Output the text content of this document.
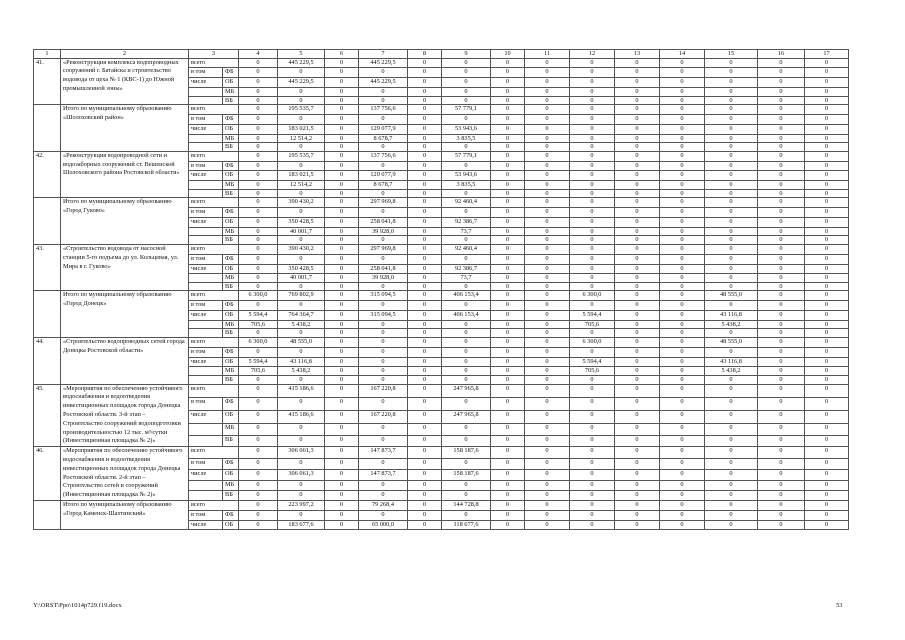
1	2	3		4	5	6	7	8	9	10	11	12	13	14	15	16	17
41.	«Реконструкция комплекса водопроводных сооружений г. Батайска и строительство водовода от цеха № 1 (КВС-1) до Южной промышленной зоны»	всего		0	445 229,5	0	445 229,5	0	0	0	0	0	0	0	0	0	0
		в том	ФБ	0	0	0	0	0	0	0	0	0	0	0	0	0	0
		числе	ОБ	0	445 229,5	0	445 229,5	0	0	0	0	0	0	0	0	0	0
			МБ	0	0	0	0	0	0	0	0	0	0	0	0	0	0
			ВБ	0	0	0	0	0	0	0	0	0	0	0	0	0	0
	Итого по муниципальному образованию «Шолоховский район»	всего		0	195 535,7	0	137 756,6	0	57 779,1	0	0	0	0	0	0	0	0
		в том	ФБ	0	0	0	0	0	0	0	0	0	0	0	0	0	0
		числе	ОБ	0	183 021,5	0	129 077,9	0	53 943,6	0	0	0	0	0	0	0	0
			МБ	0	12 514,2	0	8 678,7	0	3 835,5	0	0	0	0	0	0	0	0
			ВБ	0	0	0	0	0	0	0	0	0	0	0	0	0	0
42.	«Реконструкция водопроводной сети и водозаборных сооружений ст. Вешенской Шолоховского района Ростовской области»	всего		0	195 535,7	0	137 756,6	0	57 779,1	0	0	0	0	0	0	0	0
		в том	ФБ	0	0	0	0	0	0	0	0	0	0	0	0	0	0
		числе	ОБ	0	183 021,5	0	129 077,9	0	53 943,6	0	0	0	0	0	0	0	0
			МБ	0	12 514,2	0	8 678,7	0	3 835,5	0	0	0	0	0	0	0	0
			ВБ	0	0	0	0	0	0	0	0	0	0	0	0	0	0
	Итого по муниципальному образованию «Город Гуково»	всего		0	390 430,2	0	297 969,8	0	92 460,4	0	0	0	0	0	0	0	0
		в том	ФБ	0	0	0	0	0	0	0	0	0	0	0	0	0	0
		числе	ОБ	0	350 428,5	0	258 041,8	0	92 386,7	0	0	0	0	0	0	0	0
			МБ	0	40 001,7	0	39 928,0	0	73,7	0	0	0	0	0	0	0	0
			ВБ	0	0	0	0	0	0	0	0	0	0	0	0	0	0
43.	«Строительство водовода от насосной станции 5-го подъема до ул. Кольцевая, ул. Мира в г. Гуково»	всего		0	390 430,2	0	297 969,8	0	92 460,4	0	0	0	0	0	0	0	0
		в том	ФБ	0	0	0	0	0	0	0	0	0	0	0	0	0	0
		числе	ОБ	0	350 428,5	0	258 041,8	0	92 386,7	0	0	0	0	0	0	0	0
			МБ	0	40 001,7	0	39 928,0	0	73,7	0	0	0	0	0	0	0	0
			ВБ	0	0	0	0	0	0	0	0	0	0	0	0	0	0
	Итого по муниципальному образованию «Город Донецк»	всего		6 300,0	769 802,9	0	315 094,5	0	406 153,4	0	0	6 300,0	0	0	48 555,0	0	0
		в том	ФБ	0	0	0	0	0	0	0	0	0	0	0	0	0	0
		числе	ОБ	5 594,4	764 364,7	0	315 094,5	0	406 153,4	0	0	5 594,4	0	0	43 116,8	0	0
			МБ	705,6	5 438,2	0	0	0	0	0	0	705,6	0	0	5 438,2	0	0
			ВБ	0	0	0	0	0	0	0	0	0	0	0	0	0	0
44.	«Строительство водопроводных сетей города Донецка Ростовской области»	всего		6 300,0	48 555,0	0	0	0	0	0	0	6 300,0	0	0	48 555,0	0	0
		в том	ФБ	0	0	0	0	0	0	0	0	0	0	0	0	0	0
		числе	ОБ	5 594,4	43 116,8	0	0	0	0	0	0	5 594,4	0	0	43 116,8	0	0
			МБ	705,6	5 438,2	0	0	0	0	0	0	705,6	0	0	5 438,2	0	0
			ВБ	0	0	0	0	0	0	0	0	0	0	0	0	0	0
45.	«Мероприятия по обеспечению устойчивого водоснабжения и водоотведения инвестиционных площадок города Донецка Ростовской области. 3-й этап – Строительство сооружений водоподготовки производительностью 12 тыс. м³/сутки (Инвестиционная площадка № 2)»	всего		0	415 186,6	0	167 220,8	0	247 965,8	0	0	0	0	0	0	0	0
		в том	ФБ	0	0	0	0	0	0	0	0	0	0	0	0	0	0
		числе	ОБ	0	415 186,6	0	167 220,8	0	247 965,8	0	0	0	0	0	0	0	0
			МБ	0	0	0	0	0	0	0	0	0	0	0	0	0	0
			ВБ	0	0	0	0	0	0	0	0	0	0	0	0	0	0
46.	«Мероприятия по обеспечению устойчивого водоснабжения и водоотведения инвестиционных площадок города Донецка Ростовской области. 2-й этап – Строительство сетей и сооружений (Инвестиционная площадка № 2)»	всего		0	306 061,3	0	147 873,7	0	158 187,6	0	0	0	0	0	0	0	0
		в том	ФБ	0	0	0	0	0	0	0	0	0	0	0	0	0	0
		числе	ОБ	0	306 061,3	0	147 873,7	0	158 187,6	0	0	0	0	0	0	0	0
			МБ	0	0	0	0	0	0	0	0	0	0	0	0	0	0
			ВБ	0	0	0	0	0	0	0	0	0	0	0	0	0	0
	Итого по муниципальному образованию «Город Каменск-Шахтинский»	всего		0	223 997,2	0	79 268,4	0	144 728,8	0	0	0	0	0	0	0	0
		в том	ФБ	0	0	0	0	0	0	0	0	0	0	0	0	0	0
		числе	ОБ	0	183 677,6	0	65 000,0	0	118 677,6	0	0	0	0	0	0	0	0
Y:\ORST\Ppo\1014p729.f19.docx	53
